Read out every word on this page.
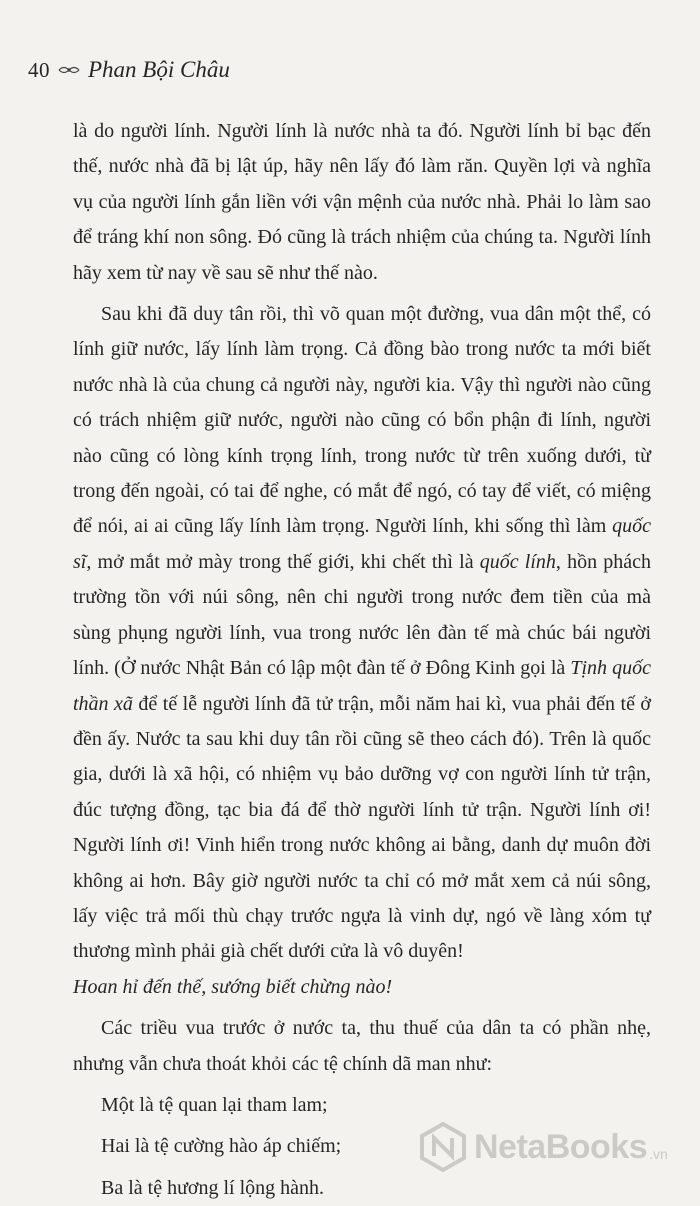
40 Phan Bội Châu

là do người lính. Người lính là nước nhà ta đó. Người lính bỉ bạc đến thế, nước nhà đã bị lật úp, hãy nên lấy đó làm răn. Quyền lợi và nghĩa vụ của người lính gắn liền với vận mệnh của nước nhà. Phải lo làm sao để tráng khí non sông. Đó cũng là trách nhiệm của chúng ta. Người lính hãy xem từ nay về sau sẽ như thế nào.

Sau khi đã duy tân rồi, thì võ quan một đường, vua dân một thể, có lính giữ nước, lấy lính làm trọng. Cả đồng bào trong nước ta mới biết nước nhà là của chung cả người này, người kia. Vậy thì người nào cũng có trách nhiệm giữ nước, người nào cũng có bổn phận đi lính, người nào cũng có lòng kính trọng lính, trong nước từ trên xuống dưới, từ trong đến ngoài, có tai để nghe, có mắt để ngó, có tay để viết, có miệng để nói, ai ai cũng lấy lính làm trọng. Người lính, khi sống thì làm quốc sĩ, mở mắt mở mày trong thế giới, khi chết thì là quốc lính, hồn phách trường tồn với núi sông, nên chi người trong nước đem tiền của mà sùng phụng người lính, vua trong nước lên đàn tế mà chúc bái người lính. (Ở nước Nhật Bản có lập một đàn tế ở Đông Kinh gọi là Tịnh quốc thần xã để tế lễ người lính đã tử trận, mỗi năm hai kì, vua phải đến tế ở đền ấy. Nước ta sau khi duy tân rồi cũng sẽ theo cách đó). Trên là quốc gia, dưới là xã hội, có nhiệm vụ bảo dưỡng vợ con người lính tử trận, đúc tượng đồng, tạc bia đá để thờ người lính tử trận. Người lính ơi! Người lính ơi! Vinh hiển trong nước không ai bằng, danh dự muôn đời không ai hơn. Bây giờ người nước ta chỉ có mở mắt xem cả núi sông, lấy việc trả mối thù chạy trước ngựa là vinh dự, ngó về làng xóm tự thương mình phải già chết dưới cửa là vô duyên!

Hoan hỉ đến thế, sướng biết chừng nào!

Các triều vua trước ở nước ta, thu thuế của dân ta có phần nhẹ, nhưng vẫn chưa thoát khỏi các tệ chính dã man như:

Một là tệ quan lại tham lam;
Hai là tệ cường hào áp chiếm;
Ba là tệ hương lí lộng hành.
NetaBooks .vn
